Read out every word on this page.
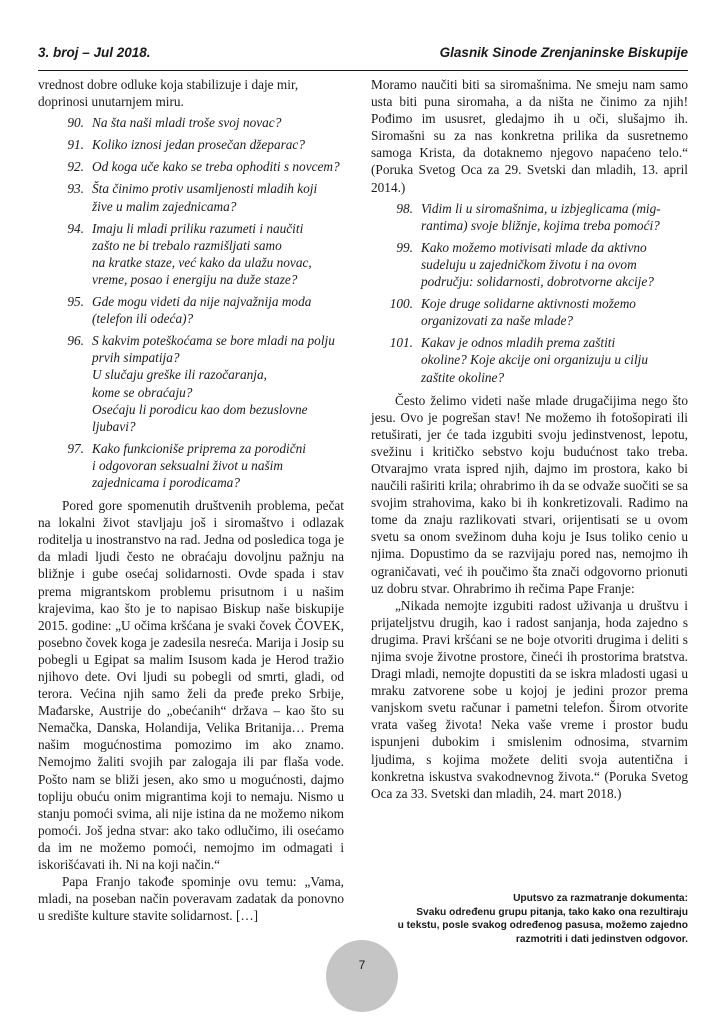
3. broj – Jul 2018.	Glasnik Sinode Zrenjaninske Biskupije

vrednost dobre odluke koja stabilizuje i daje mir,
doprinosi unutarnjem miru.

90. Na šta naši mladi troše svoj novac?
91. Koliko iznosi jedan prosečan džeparac?
92. Od koga uče kako se treba ophoditi s novcem?
93. Šta činimo protiv usamljenosti mladih koji
žive u malim zajednicama?
94. Imaju li mladi priliku razumeti i naučiti
zašto ne bi trebalo razmišljati samo
na kratke staze, već kako da ulažu novac,
vreme, posao i energiju na duže staze?
95. Gde mogu videti da nije najvažnija moda
(telefon ili odeća)?
96. S kakvim poteškoćama se bore mladi na polju
prvih simpatija?
U slučaju greške ili razočaranja,
kome se obraćaju?
Osećaju li porodicu kao dom bezuslovne ljubavi?
97. Kako funkcioniše priprema za porodični
i odgovoran seksualni život u našim
zajednicama i porodicama?

Pored gore spomenutih društvenih problema, pečat na lokalni život stavljaju još i siromaštvo i odlazak roditelja u inostranstvo na rad. Jedna od posledica toga je da mladi ljudi često ne obraćaju dovoljnu pažnju na bližnje i gube osećaj solidarnosti. Ovde spada i stav prema migrantskom problemu prisutnom i u našim krajevima, kao što je to napisao Biskup naše biskupije 2015. godine: „U očima kršćana je svaki čovek ČOVEK, posebno čovek koga je zadesila nesreća. Marija i Josip su pobegli u Egipat sa malim Isusom kada je Herod tražio njihovo dete. Ovi ljudi su pobegli od smrti, gladi, od terora. Većina njih samo želi da pređe preko Srbije, Mađarske, Austrije do „obećanih“ država – kao što su Nemačka, Danska, Holandija, Velika Britanija… Prema našim mogućnostima pomozimo im ako znamo. Nemojmo žaliti svojih par zalogaja ili par flaša vode. Pošto nam se bliži jesen, ako smo u mogućnosti, dajmo topliju obuću onim migrantima koji to nemaju. Nismo u stanju pomoći svima, ali nije istina da ne možemo nikom pomoći. Još jedna stvar: ako tako odlučimo, ili osećamo da im ne možemo pomoći, nemojmo im odmagati i iskorišćavati ih. Ni na koji način.“

Papa Franjo takođe spominje ovu temu: „Vama, mladi, na poseban način poveravam zadatak da ponovno u središte kulture stavite solidarnost. […]

Moramo naučiti biti sa siromašnima. Ne smeju nam samo usta biti puna siromaha, a da ništa ne činimo za njih! Pođimo im ususret, gledajmo ih u oči, slušajmo ih. Siromašni su za nas konkretna prilika da susretnemo samoga Krista, da dotaknemo njegovo napaćeno telo.“ (Poruka Svetog Oca za 29. Svetski dan mladih, 13. april 2014.)

98. Vidim li u siromašnima, u izbjeglicama (mig-
rantima) svoje bližnje, kojima treba pomoći?
99. Kako možemo motivisati mlade da aktivno
sudeluju u zajedničkom životu i na ovom
području: solidarnosti, dobrotvorne akcije?
100. Koje druge solidarne aktivnosti možemo
organizovati za naše mlade?
101. Kakav je odnos mladih prema zaštiti
okoline? Koje akcije oni organizuju u cilju
zaštite okoline?

Često želimo videti naše mlade drugačijima nego što jesu. Ovo je pogrešan stav! Ne možemo ih fotošopirati ili retuširati, jer će tada izgubiti svoju jedinstvenost, lepotu, svežinu i kritičko sebstvo koju budućnost tako treba. Otvarajmo vrata ispred njih, dajmo im prostora, kako bi naučili raširiti krila; ohrabrimo ih da se odvaže suočiti se sa svojim strahovima, kako bi ih konkretizovali. Radimo na tome da znaju razlikovati stvari, orijentisati se u ovom svetu sa onom svežinom duha koju je Isus toliko cenio u njima. Dopustimo da se razvijaju pored nas, nemojmo ih ograničavati, već ih poučimo šta znači odgovorno prionuti uz dobru stvar. Ohrabrimo ih rečima Pape Franje:

„Nikada nemojte izgubiti radost uživanja u društvu i prijateljstvu drugih, kao i radost sanjanja, hoda zajedno s drugima. Pravi kršćani se ne boje otvoriti drugima i deliti s njima svoje životne prostore, čineći ih prostorima bratstva. Dragi mladi, nemojte dopustiti da se iskra mladosti ugasi u mraku zatvorene sobe u kojoj je jedini prozor prema vanjskom svetu računar i pametni telefon. Širom otvorite vrata vašeg života! Neka vaše vreme i prostor budu ispunjeni dubokim i smislenim odnosima, stvarnim ljudima, s kojima možete deliti svoja autentična i konkretna iskustva svakodnevnog života.“ (Poruka Svetog Oca za 33. Svetski dan mladih, 24. mart 2018.)

Uputsvo za razmatranje dokumenta:
Svaku određenu grupu pitanja, tako kako ona rezultiraju
u tekstu, posle svakog određenog pasusa, možemo zajedno
razmotriti i dati jedinstven odgovor.
7
